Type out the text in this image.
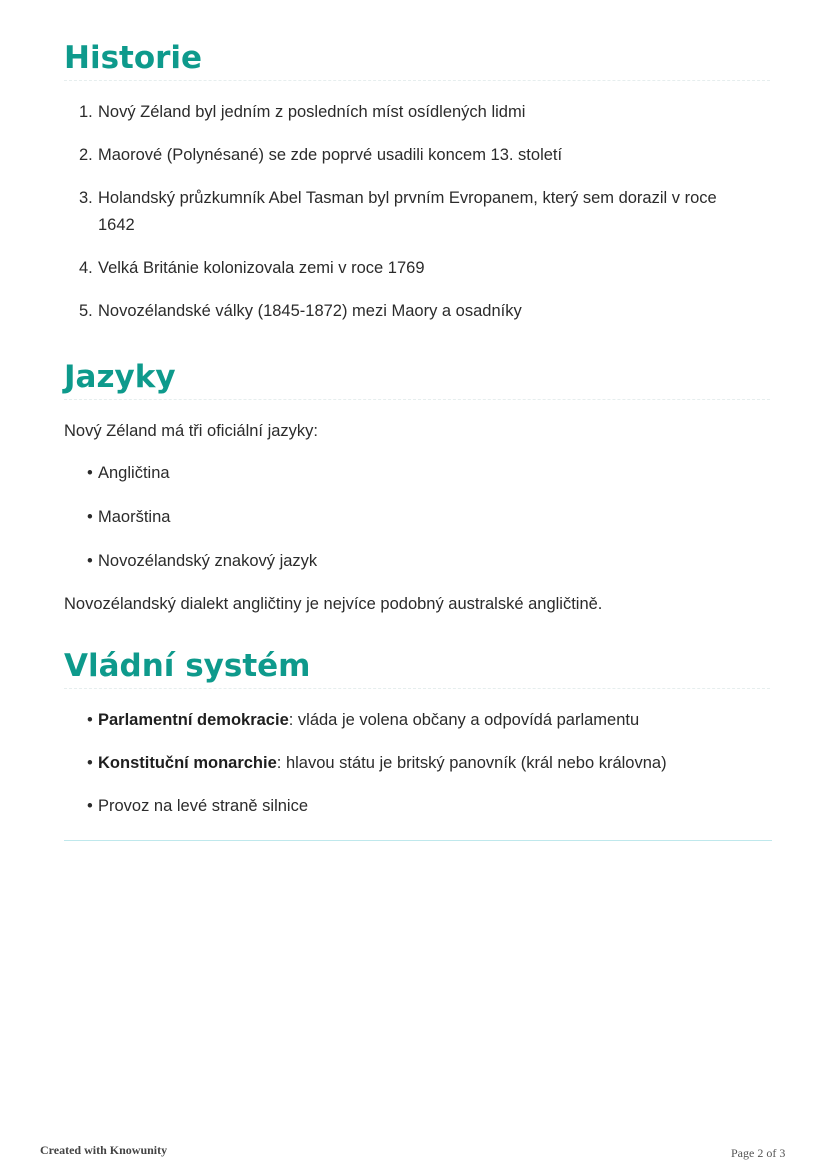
Historie
1. Nový Zéland byl jedním z posledních míst osídlených lidmi
2. Maorové (Polynésané) se zde poprvé usadili koncem 13. století
3. Holandský průzkumník Abel Tasman byl prvním Evropanem, který sem dorazil v roce
1642
4. Velká Británie kolonizovala zemi v roce 1769
5. Novozélandské války (1845-1872) mezi Maory a osadníky
Jazyky

Nový Zéland má tři oficiální jazyky:

• Angličtina
• Maorština
• Novozélandský znakový jazyk

Novozélandský dialekt angličtiny je nejvíce podobný australské angličtině.

Vládní systém
• Parlamentní demokracie: vláda je volena občany a odpovídá parlamentu
• Konstituční monarchie: hlavou státu je britský panovník (král nebo královna)
• Provoz na levé straně silnice
Created with Knowunity	Page 2 of 3
